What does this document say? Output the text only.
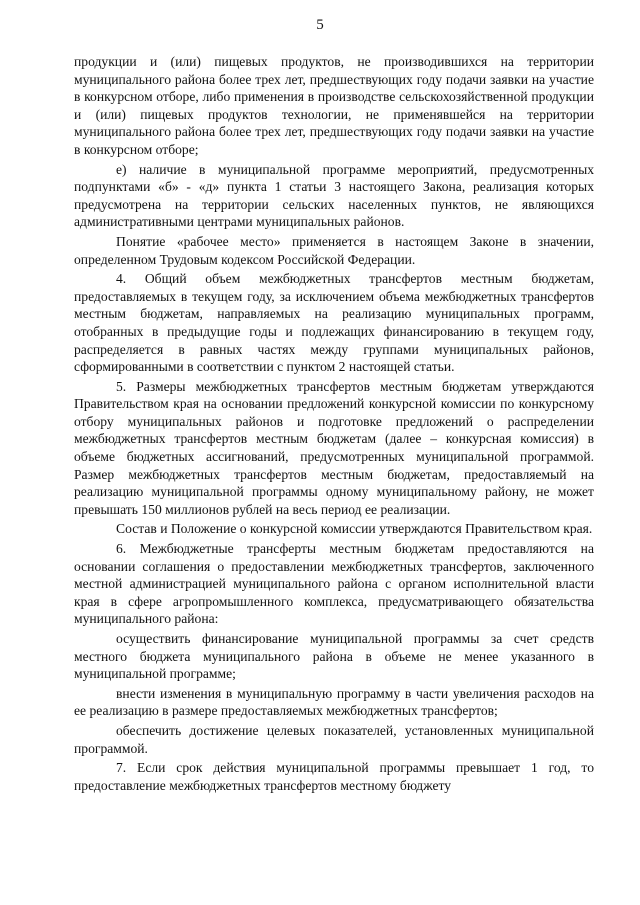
5

продукции и (или) пищевых продуктов, не производившихся на территории муниципального района более трех лет, предшествующих году подачи заявки на участие в конкурсном отборе, либо применения в производстве сельскохозяйственной продукции и (или) пищевых продуктов технологии, не применявшейся на территории муниципального района более трех лет, предшествующих году подачи заявки на участие в конкурсном отборе;

е) наличие в муниципальной программе мероприятий, предусмотренных подпунктами «б» - «д» пункта 1 статьи 3 настоящего Закона, реализация которых предусмотрена на территории сельских населенных пунктов, не являющихся административными центрами муниципальных районов.

Понятие «рабочее место» применяется в настоящем Законе в значении, определенном Трудовым кодексом Российской Федерации.

4. Общий объем межбюджетных трансфертов местным бюджетам, предоставляемых в текущем году, за исключением объема межбюджетных трансфертов местным бюджетам, направляемых на реализацию муниципальных программ, отобранных в предыдущие годы и подлежащих финансированию в текущем году, распределяется в равных частях между группами муниципальных районов, сформированными в соответствии с пунктом 2 настоящей статьи.

5. Размеры межбюджетных трансфертов местным бюджетам утверждаются Правительством края на основании предложений конкурсной комиссии по конкурсному отбору муниципальных районов и подготовке предложений о распределении межбюджетных трансфертов местным бюджетам (далее – конкурсная комиссия) в объеме бюджетных ассигнований, предусмотренных муниципальной программой. Размер межбюджетных трансфертов местным бюджетам, предоставляемый на реализацию муниципальной программы одному муниципальному району, не может превышать 150 миллионов рублей на весь период ее реализации.

Состав и Положение о конкурсной комиссии утверждаются Правительством края.

6. Межбюджетные трансферты местным бюджетам предоставляются на основании соглашения о предоставлении межбюджетных трансфертов, заключенного местной администрацией муниципального района с органом исполнительной власти края в сфере агропромышленного комплекса, предусматривающего обязательства муниципального района:

осуществить финансирование муниципальной программы за счет средств местного бюджета муниципального района в объеме не менее указанного в муниципальной программе;

внести изменения в муниципальную программу в части увеличения расходов на ее реализацию в размере предоставляемых межбюджетных трансфертов;

обеспечить достижение целевых показателей, установленных муниципальной программой.

7. Если срок действия муниципальной программы превышает 1 год, то предоставление межбюджетных трансфертов местному бюджету
